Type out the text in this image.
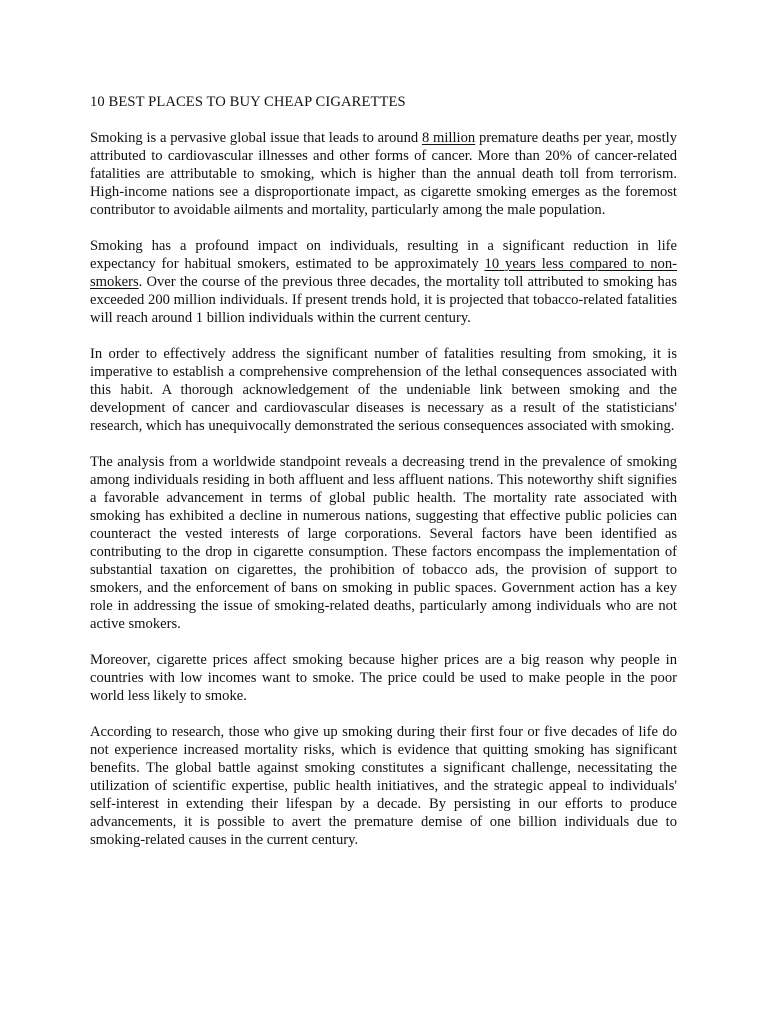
10 BEST PLACES TO BUY CHEAP CIGARETTES

Smoking is a pervasive global issue that leads to around 8 million premature deaths per year, mostly attributed to cardiovascular illnesses and other forms of cancer. More than 20% of cancer-related fatalities are attributable to smoking, which is higher than the annual death toll from terrorism. High-income nations see a disproportionate impact, as cigarette smoking emerges as the foremost contributor to avoidable ailments and mortality, particularly among the male population.

Smoking has a profound impact on individuals, resulting in a significant reduction in life expectancy for habitual smokers, estimated to be approximately 10 years less compared to non-smokers. Over the course of the previous three decades, the mortality toll attributed to smoking has exceeded 200 million individuals. If present trends hold, it is projected that tobacco-related fatalities will reach around 1 billion individuals within the current century.

In order to effectively address the significant number of fatalities resulting from smoking, it is imperative to establish a comprehensive comprehension of the lethal consequences associated with this habit. A thorough acknowledgement of the undeniable link between smoking and the development of cancer and cardiovascular diseases is necessary as a result of the statisticians' research, which has unequivocally demonstrated the serious consequences associated with smoking.

The analysis from a worldwide standpoint reveals a decreasing trend in the prevalence of smoking among individuals residing in both affluent and less affluent nations. This noteworthy shift signifies a favorable advancement in terms of global public health. The mortality rate associated with smoking has exhibited a decline in numerous nations, suggesting that effective public policies can counteract the vested interests of large corporations. Several factors have been identified as contributing to the drop in cigarette consumption. These factors encompass the implementation of substantial taxation on cigarettes, the prohibition of tobacco ads, the provision of support to smokers, and the enforcement of bans on smoking in public spaces. Government action has a key role in addressing the issue of smoking-related deaths, particularly among individuals who are not active smokers.

Moreover, cigarette prices affect smoking because higher prices are a big reason why people in countries with low incomes want to smoke. The price could be used to make people in the poor world less likely to smoke.

According to research, those who give up smoking during their first four or five decades of life do not experience increased mortality risks, which is evidence that quitting smoking has significant benefits. The global battle against smoking constitutes a significant challenge, necessitating the utilization of scientific expertise, public health initiatives, and the strategic appeal to individuals' self-interest in extending their lifespan by a decade. By persisting in our efforts to produce advancements, it is possible to avert the premature demise of one billion individuals due to smoking-related causes in the current century.
